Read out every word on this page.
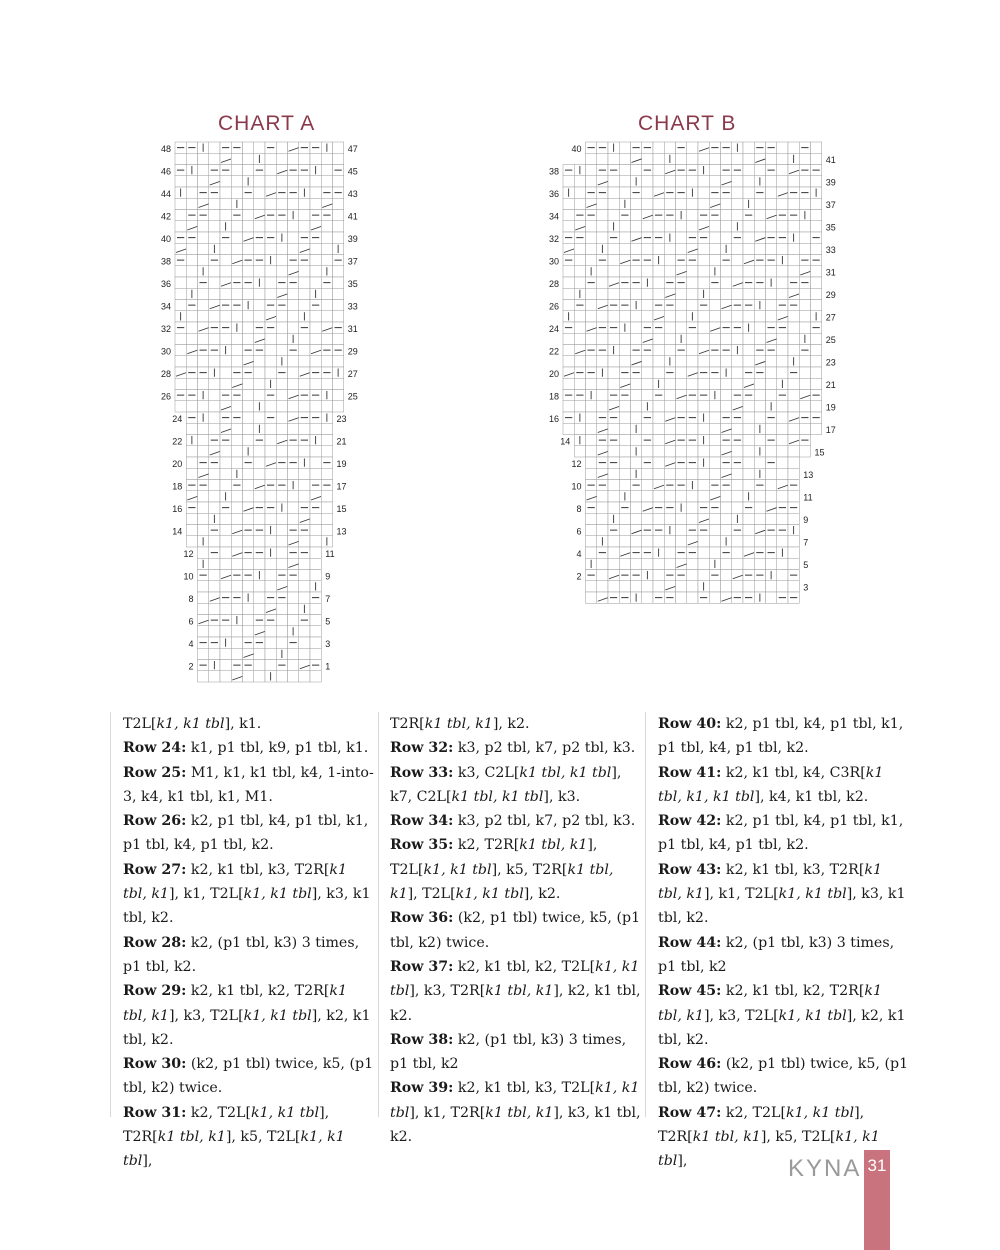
CHART A	CHART B
48	47
46	45
44	43
42	41
40	39
38	37
36	35
34	33
32	31
30	29
28	27
26	25
24	23
22	21
20	19
18	17
16	15
14	13
12	11
10	9
8	7
6	5
4	3
2	1
40
41
38
39
36
37
34
35
32
33
30
31
28
29
26
27
24
25
22
23
20
21
18
19
16
17
14
15
12
13
10
11
8
9
6
7
4
5
2
3

T2L[k1, k1 tbl], k1.

Row 24: k1, p1 tbl, k9, p1 tbl, k1.

Row 25: M1, k1, k1 tbl, k4, 1-into-3, k4, k1 tbl, k1, M1.

Row 26: k2, p1 tbl, k4, p1 tbl, k1, p1 tbl, k4, p1 tbl, k2.

Row 27: k2, k1 tbl, k3, T2R[k1 tbl, k1], k1, T2L[k1, k1 tbl], k3, k1 tbl, k2.

Row 28: k2, (p1 tbl, k3) 3 times, p1 tbl, k2.

Row 29: k2, k1 tbl, k2, T2R[k1 tbl, k1], k3, T2L[k1, k1 tbl], k2, k1 tbl, k2.

Row 30: (k2, p1 tbl) twice, k5, (p1 tbl, k2) twice.

Row 31: k2, T2L[k1, k1 tbl], T2R[k1 tbl, k1], k5, T2L[k1, k1 tbl],

T2R[k1 tbl, k1], k2.

Row 32: k3, p2 tbl, k7, p2 tbl, k3.

Row 33: k3, C2L[k1 tbl, k1 tbl], k7, C2L[k1 tbl, k1 tbl], k3.

Row 34: k3, p2 tbl, k7, p2 tbl, k3.

Row 35: k2, T2R[k1 tbl, k1], T2L[k1, k1 tbl], k5, T2R[k1 tbl, k1], T2L[k1, k1 tbl], k2.

Row 36: (k2, p1 tbl) twice, k5, (p1 tbl, k2) twice.

Row 37: k2, k1 tbl, k2, T2L[k1, k1 tbl], k3, T2R[k1 tbl, k1], k2, k1 tbl, k2.

Row 38: k2, (p1 tbl, k3) 3 times, p1 tbl, k2

Row 39: k2, k1 tbl, k3, T2L[k1, k1 tbl], k1, T2R[k1 tbl, k1], k3, k1 tbl, k2.

Row 40: k2, p1 tbl, k4, p1 tbl, k1, p1 tbl, k4, p1 tbl, k2.

Row 41: k2, k1 tbl, k4, C3R[k1 tbl, k1, k1 tbl], k4, k1 tbl, k2.

Row 42: k2, p1 tbl, k4, p1 tbl, k1, p1 tbl, k4, p1 tbl, k2.

Row 43: k2, k1 tbl, k3, T2R[k1 tbl, k1], k1, T2L[k1, k1 tbl], k3, k1 tbl, k2.

Row 44: k2, (p1 tbl, k3) 3 times, p1 tbl, k2

Row 45: k2, k1 tbl, k2, T2R[k1 tbl, k1], k3, T2L[k1, k1 tbl], k2, k1 tbl, k2.

Row 46: (k2, p1 tbl) twice, k5, (p1 tbl, k2) twice.

Row 47: k2, T2L[k1, k1 tbl], T2R[k1 tbl, k1], k5, T2L[k1, k1 tbl],	KYNA 31
